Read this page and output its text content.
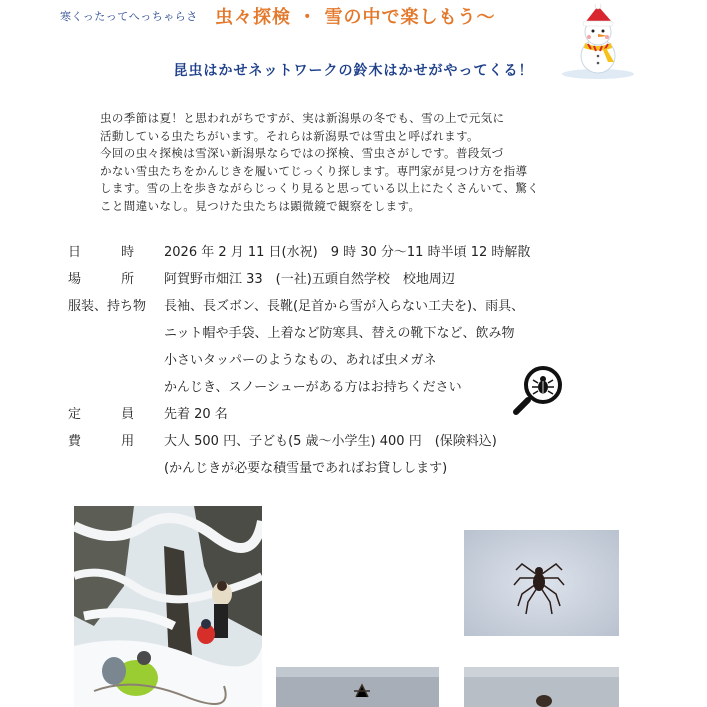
寒くったってへっちゃらさ 虫々探検 ・ 雪の中で楽しもう〜
昆虫はかせネットワークの鈴木はかせがやってくる！

虫の季節は夏！と思われがちですが、実は新潟県の冬でも、雪の上で元気に

活動している虫たちがいます。それらは新潟県では雪虫と呼ばれます。

今回の虫々探検は雪深い新潟県ならではの探検、雪虫さがしです。普段気づ

かない雪虫たちをかんじきを履いてじっくり探します。専門家が見つけ方を指導

します。雪の上を歩きながらじっくり見ると思っている以上にたくさんいて、驚く

こと間違いなし。見つけた虫たちは顕微鏡で観察をします。

日 時 2026 年 2 月 11 日(水祝)　9 時 30 分〜11 時半頃 12 時解散
場 所 阿賀野市畑江 33　(一社)五頭自然学校　校地周辺
服装、持ち物	長袖、長ズボン、長靴(足首から雪が入らない工夫を)、雨具、
ニット帽や手袋、上着など防寒具、替えの靴下など、飲み物
小さいタッパーのようなもの、あれば虫メガネ
かんじき、スノーシューがある方はお持ちください
定 員 先着 20 名
費 用 大人 500 円、子ども(5 歳〜小学生) 400 円　(保険料込)
(かんじきが必要な積雪量であればお貸しします)
